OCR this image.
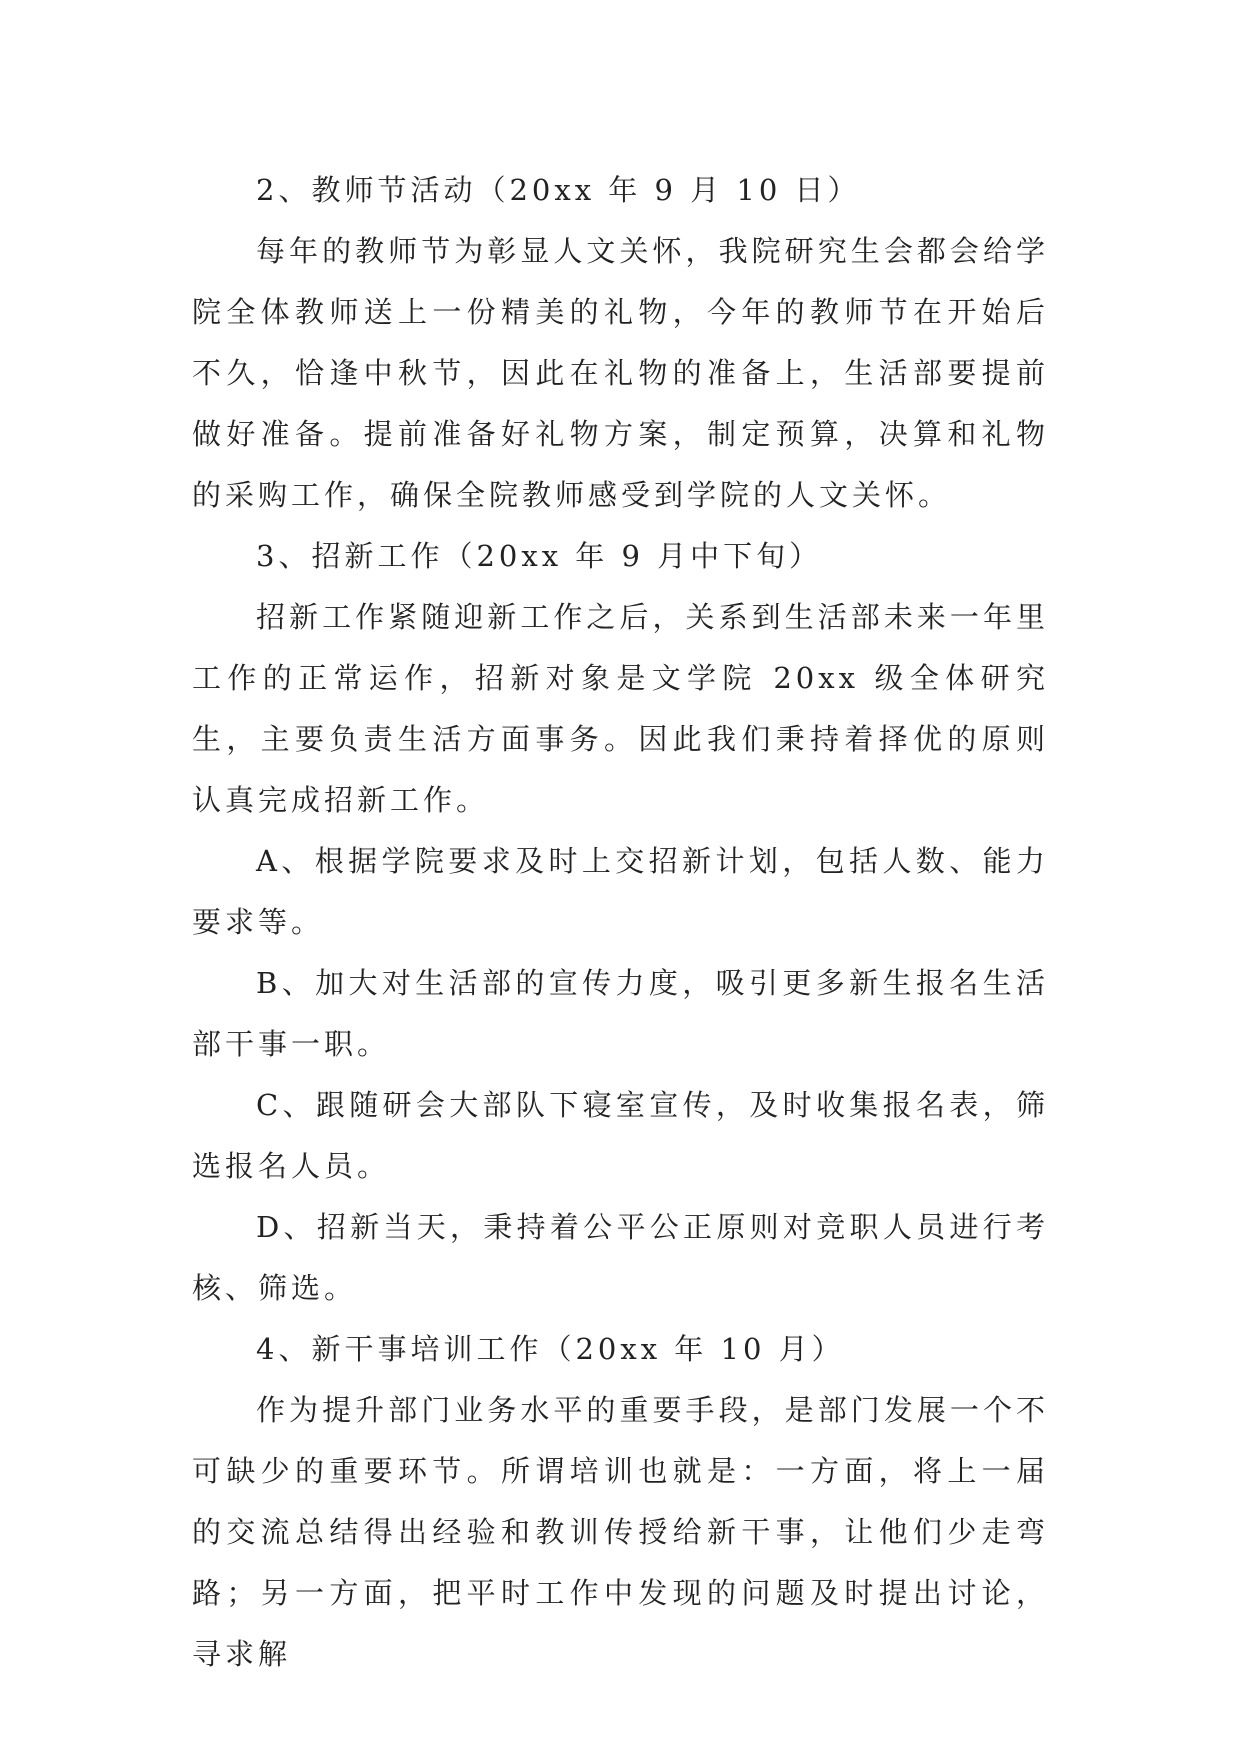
2、教师节活动（20xx 年 9 月 10 日）

每年的教师节为彰显人文关怀，我院研究生会都会给学院全体教师送上一份精美的礼物，今年的教师节在开始后不久，恰逢中秋节，因此在礼物的准备上，生活部要提前做好准备。提前准备好礼物方案，制定预算，决算和礼物的采购工作，确保全院教师感受到学院的人文关怀。

3、招新工作（20xx 年 9 月中下旬）

招新工作紧随迎新工作之后，关系到生活部未来一年里工作的正常运作，招新对象是文学院 20xx 级全体研究生，主要负责生活方面事务。因此我们秉持着择优的原则认真完成招新工作。

A、根据学院要求及时上交招新计划，包括人数、能力要求等。

B、加大对生活部的宣传力度，吸引更多新生报名生活部干事一职。

C、跟随研会大部队下寝室宣传，及时收集报名表，筛选报名人员。

D、招新当天，秉持着公平公正原则对竞职人员进行考核、筛选。

4、新干事培训工作（20xx 年 10 月）

作为提升部门业务水平的重要手段，是部门发展一个不可缺少的重要环节。所谓培训也就是：一方面，将上一届的交流总结得出经验和教训传授给新干事，让他们少走弯路；另一方面，把平时工作中发现的问题及时提出讨论，寻求解
